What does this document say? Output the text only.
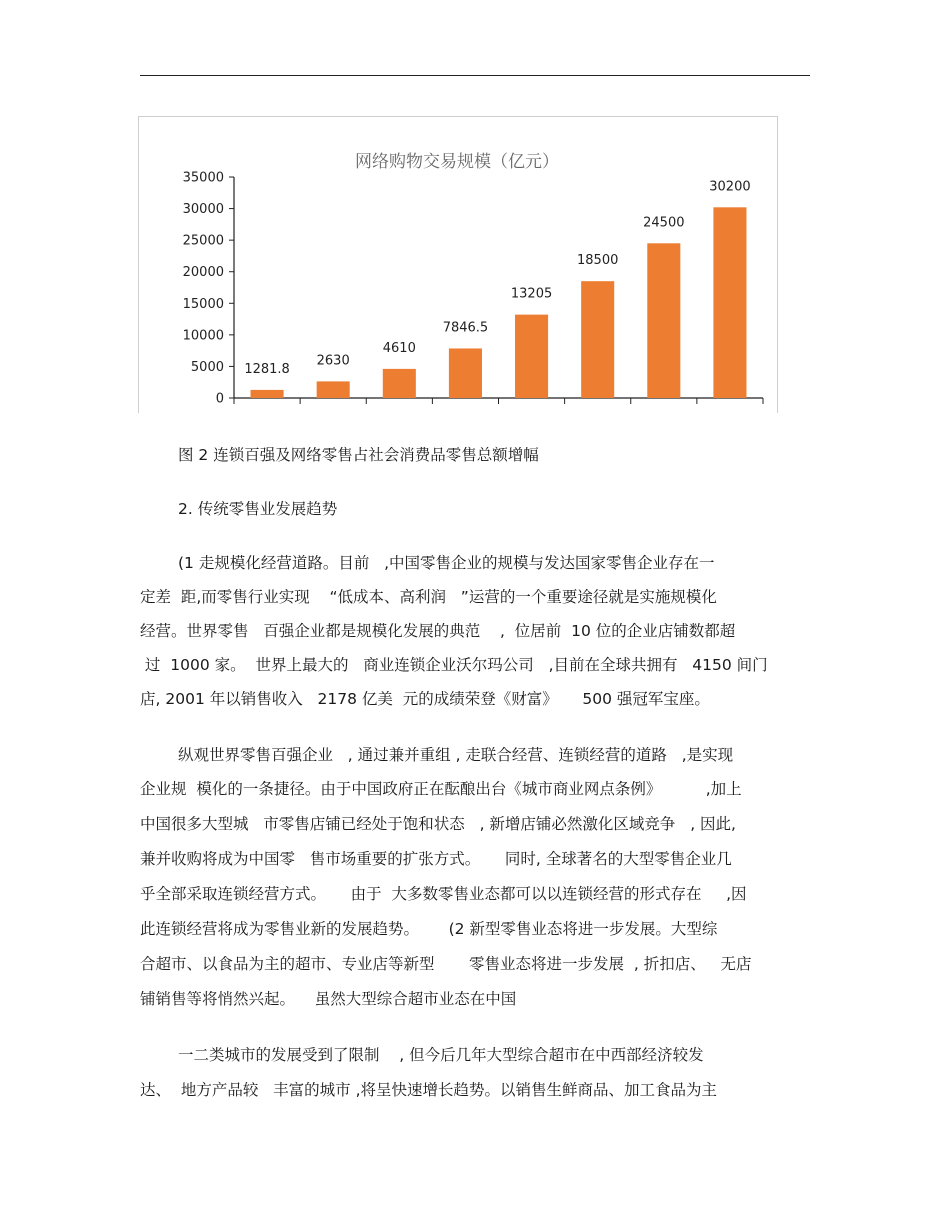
网络购物交易规模（亿元）
0
5000
10000
15000
20000
25000
30000
35000
1281.8
2630
4610
7846.5
13205
18500
24500
30200
图 2 连锁百强及网络零售占社会消费品零售总额增幅
2. 传统零售业发展趋势
(1 走规模化经营道路。目前   ,中国零售企业的规模与发达国家零售企业存在一
定差  距,而零售行业实现    “低成本、高利润   ”运营的一个重要途径就是实施规模化
经营。世界零售   百强企业都是规模化发展的典范    ,  位居前  10 位的企业店铺数都超
过  1000 家。  世界上最大的   商业连锁企业沃尔玛公司   ,目前在全球共拥有   4150 间门
店, 2001 年以销售收入   2178 亿美  元的成绩荣登《财富》     500 强冠军宝座。
纵观世界零售百强企业   , 通过兼并重组 , 走联合经营、连锁经营的道路   ,是实现
企业规  模化的一条捷径。由于中国政府正在酝酿出台《城市商业网点条例》         ,加上
中国很多大型城   市零售店铺已经处于饱和状态   , 新增店铺必然激化区域竞争   , 因此,
兼并收购将成为中国零   售市场重要的扩张方式。     同时, 全球著名的大型零售企业几
乎全部采取连锁经营方式。     由于  大多数零售业态都可以以连锁经营的形式存在     ,因
此连锁经营将成为零售业新的发展趋势。      (2 新型零售业态将进一步发展。大型综
合超市、以食品为主的超市、专业店等新型       零售业态将进一步发展  , 折扣店、   无店
铺销售等将悄然兴起。    虽然大型综合超市业态在中国
一二类城市的发展受到了限制    , 但今后几年大型综合超市在中西部经济较发
达、  地方产品较   丰富的城市 ,将呈快速增长趋势。以销售生鲜商品、加工食品为主
